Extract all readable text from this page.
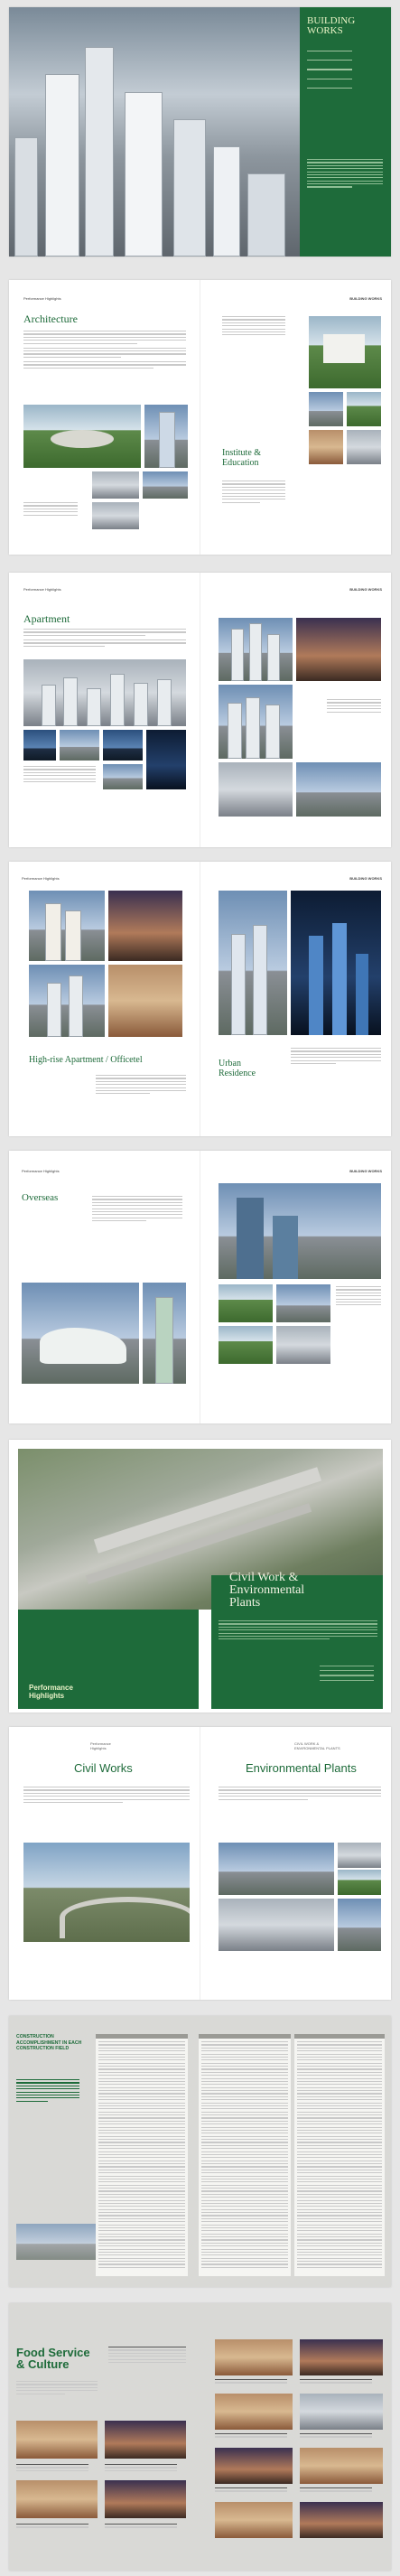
BUILDING
WORKS
Performance Highlights	BUILDING WORKS
Architecture
Institute &
Education
Performance Highlights	BUILDING WORKS
Apartment
Performance Highlights	BUILDING WORKS
High-rise Apartment / Officetel	Urban
Residence
Performance Highlights	BUILDING WORKS
Overseas
Civil Work &
Environmental
Plants
Performance
Highlights
Performance
Highlights
CIVIL WORK &
ENVIRONMENTAL PLANTS
Civil Works	Environmental Plants
CONSTRUCTION
ACCOMPLISHMENT IN EACH
CONSTRUCTION FIELD
Food Service
& Culture
